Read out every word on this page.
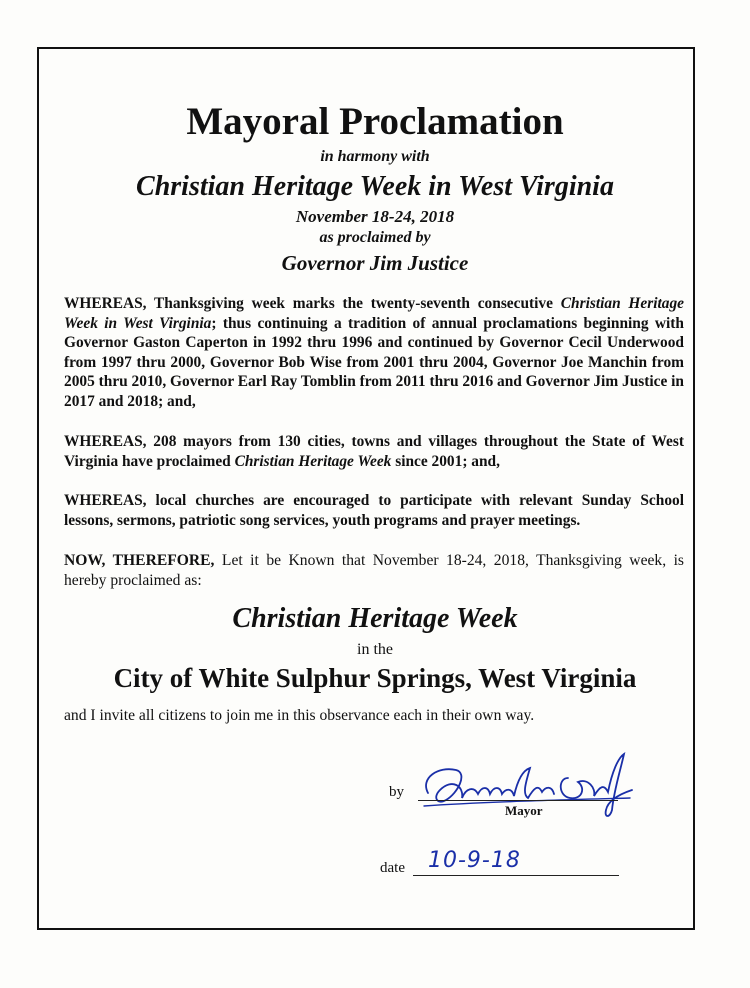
Mayoral Proclamation
in harmony with
Christian Heritage Week in West Virginia
November 18-24, 2018
as proclaimed by
Governor Jim Justice
WHEREAS, Thanksgiving week marks the twenty-seventh consecutive Christian Heritage Week in West Virginia; thus continuing a tradition of annual proclamations beginning with Governor Gaston Caperton in 1992 thru 1996 and continued by Governor Cecil Underwood from 1997 thru 2000, Governor Bob Wise from 2001 thru 2004, Governor Joe Manchin from 2005 thru 2010, Governor Earl Ray Tomblin from 2011 thru 2016 and Governor Jim Justice in 2017 and 2018; and,
WHEREAS, 208 mayors from 130 cities, towns and villages throughout the State of West Virginia have proclaimed Christian Heritage Week since 2001; and,
WHEREAS, local churches are encouraged to participate with relevant Sunday School lessons, sermons, patriotic song services, youth programs and prayer meetings.
NOW, THEREFORE, Let it be Known that November 18-24, 2018, Thanksgiving week, is hereby proclaimed as:
Christian Heritage Week
in the
City of White Sulphur Springs, West Virginia
and I invite all citizens to join me in this observance each in their own way.
by
Mayor
date 10-9-18
